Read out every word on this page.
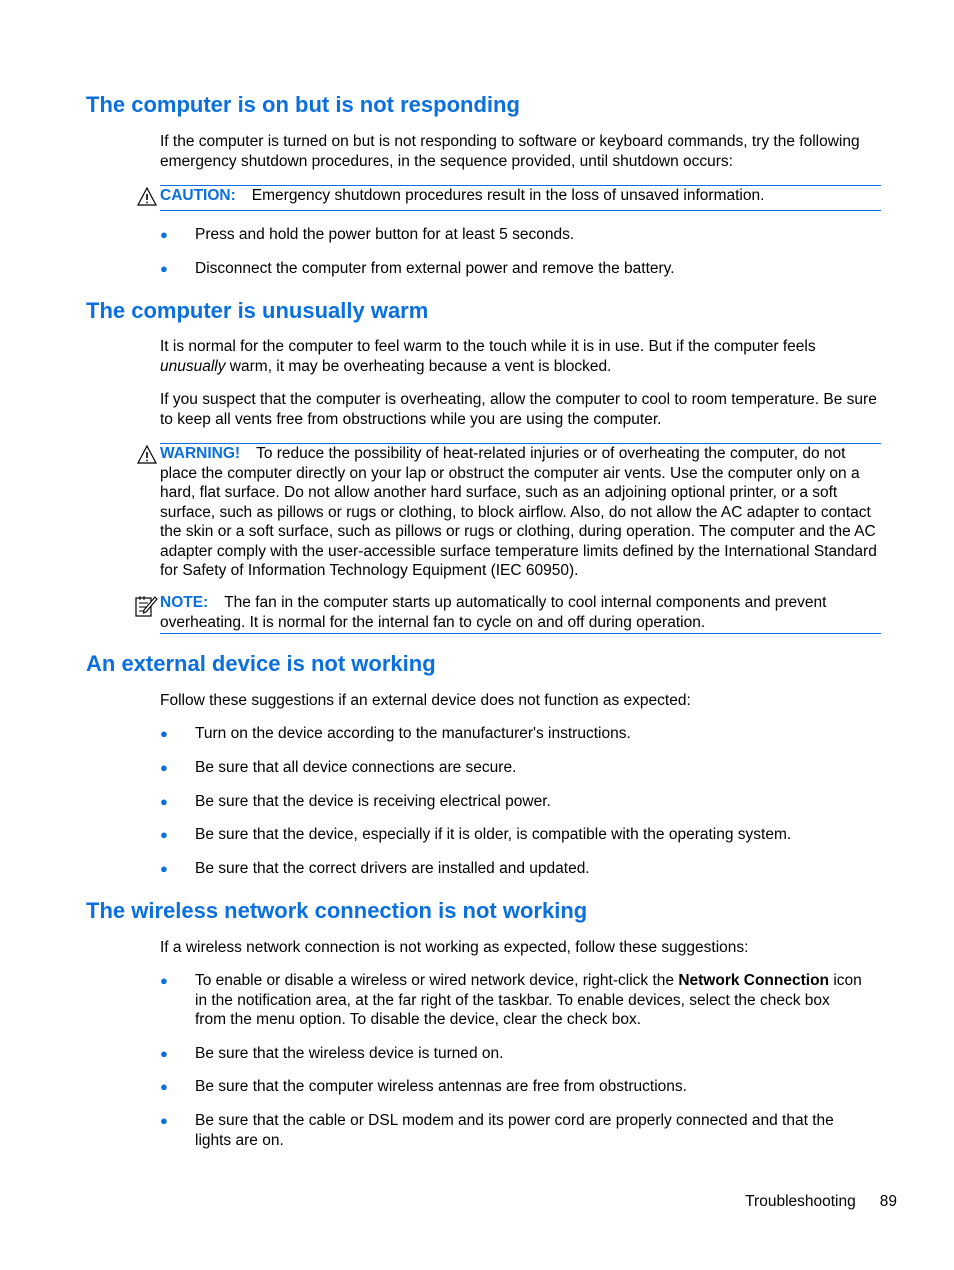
The computer is on but is not responding

If the computer is turned on but is not responding to software or keyboard commands, try the following emergency shutdown procedures, in the sequence provided, until shutdown occurs:

CAUTION: Emergency shutdown procedures result in the loss of unsaved information.
● Press and hold the power button for at least 5 seconds.
● Disconnect the computer from external power and remove the battery.
The computer is unusually warm

It is normal for the computer to feel warm to the touch while it is in use. But if the computer feels unusually warm, it may be overheating because a vent is blocked.

If you suspect that the computer is overheating, allow the computer to cool to room temperature. Be sure to keep all vents free from obstructions while you are using the computer.

WARNING! To reduce the possibility of heat-related injuries or of overheating the computer, do not place the computer directly on your lap or obstruct the computer air vents. Use the computer only on a hard, flat surface. Do not allow another hard surface, such as an adjoining optional printer, or a soft surface, such as pillows or rugs or clothing, to block airflow. Also, do not allow the AC adapter to contact the skin or a soft surface, such as pillows or rugs or clothing, during operation. The computer and the AC adapter comply with the user-accessible surface temperature limits defined by the International Standard for Safety of Information Technology Equipment (IEC 60950).
NOTE: The fan in the computer starts up automatically to cool internal components and prevent overheating. It is normal for the internal fan to cycle on and off during operation.
An external device is not working

Follow these suggestions if an external device does not function as expected:

● Turn on the device according to the manufacturer's instructions.
● Be sure that all device connections are secure.
● Be sure that the device is receiving electrical power.
● Be sure that the device, especially if it is older, is compatible with the operating system.
● Be sure that the correct drivers are installed and updated.
The wireless network connection is not working

If a wireless network connection is not working as expected, follow these suggestions:

● To enable or disable a wireless or wired network device, right-click the Network Connection icon in the notification area, at the far right of the taskbar. To enable devices, select the check box from the menu option. To disable the device, clear the check box.
● Be sure that the wireless device is turned on.
● Be sure that the computer wireless antennas are free from obstructions.
● Be sure that the cable or DSL modem and its power cord are properly connected and that the lights are on.
Troubleshooting 89
